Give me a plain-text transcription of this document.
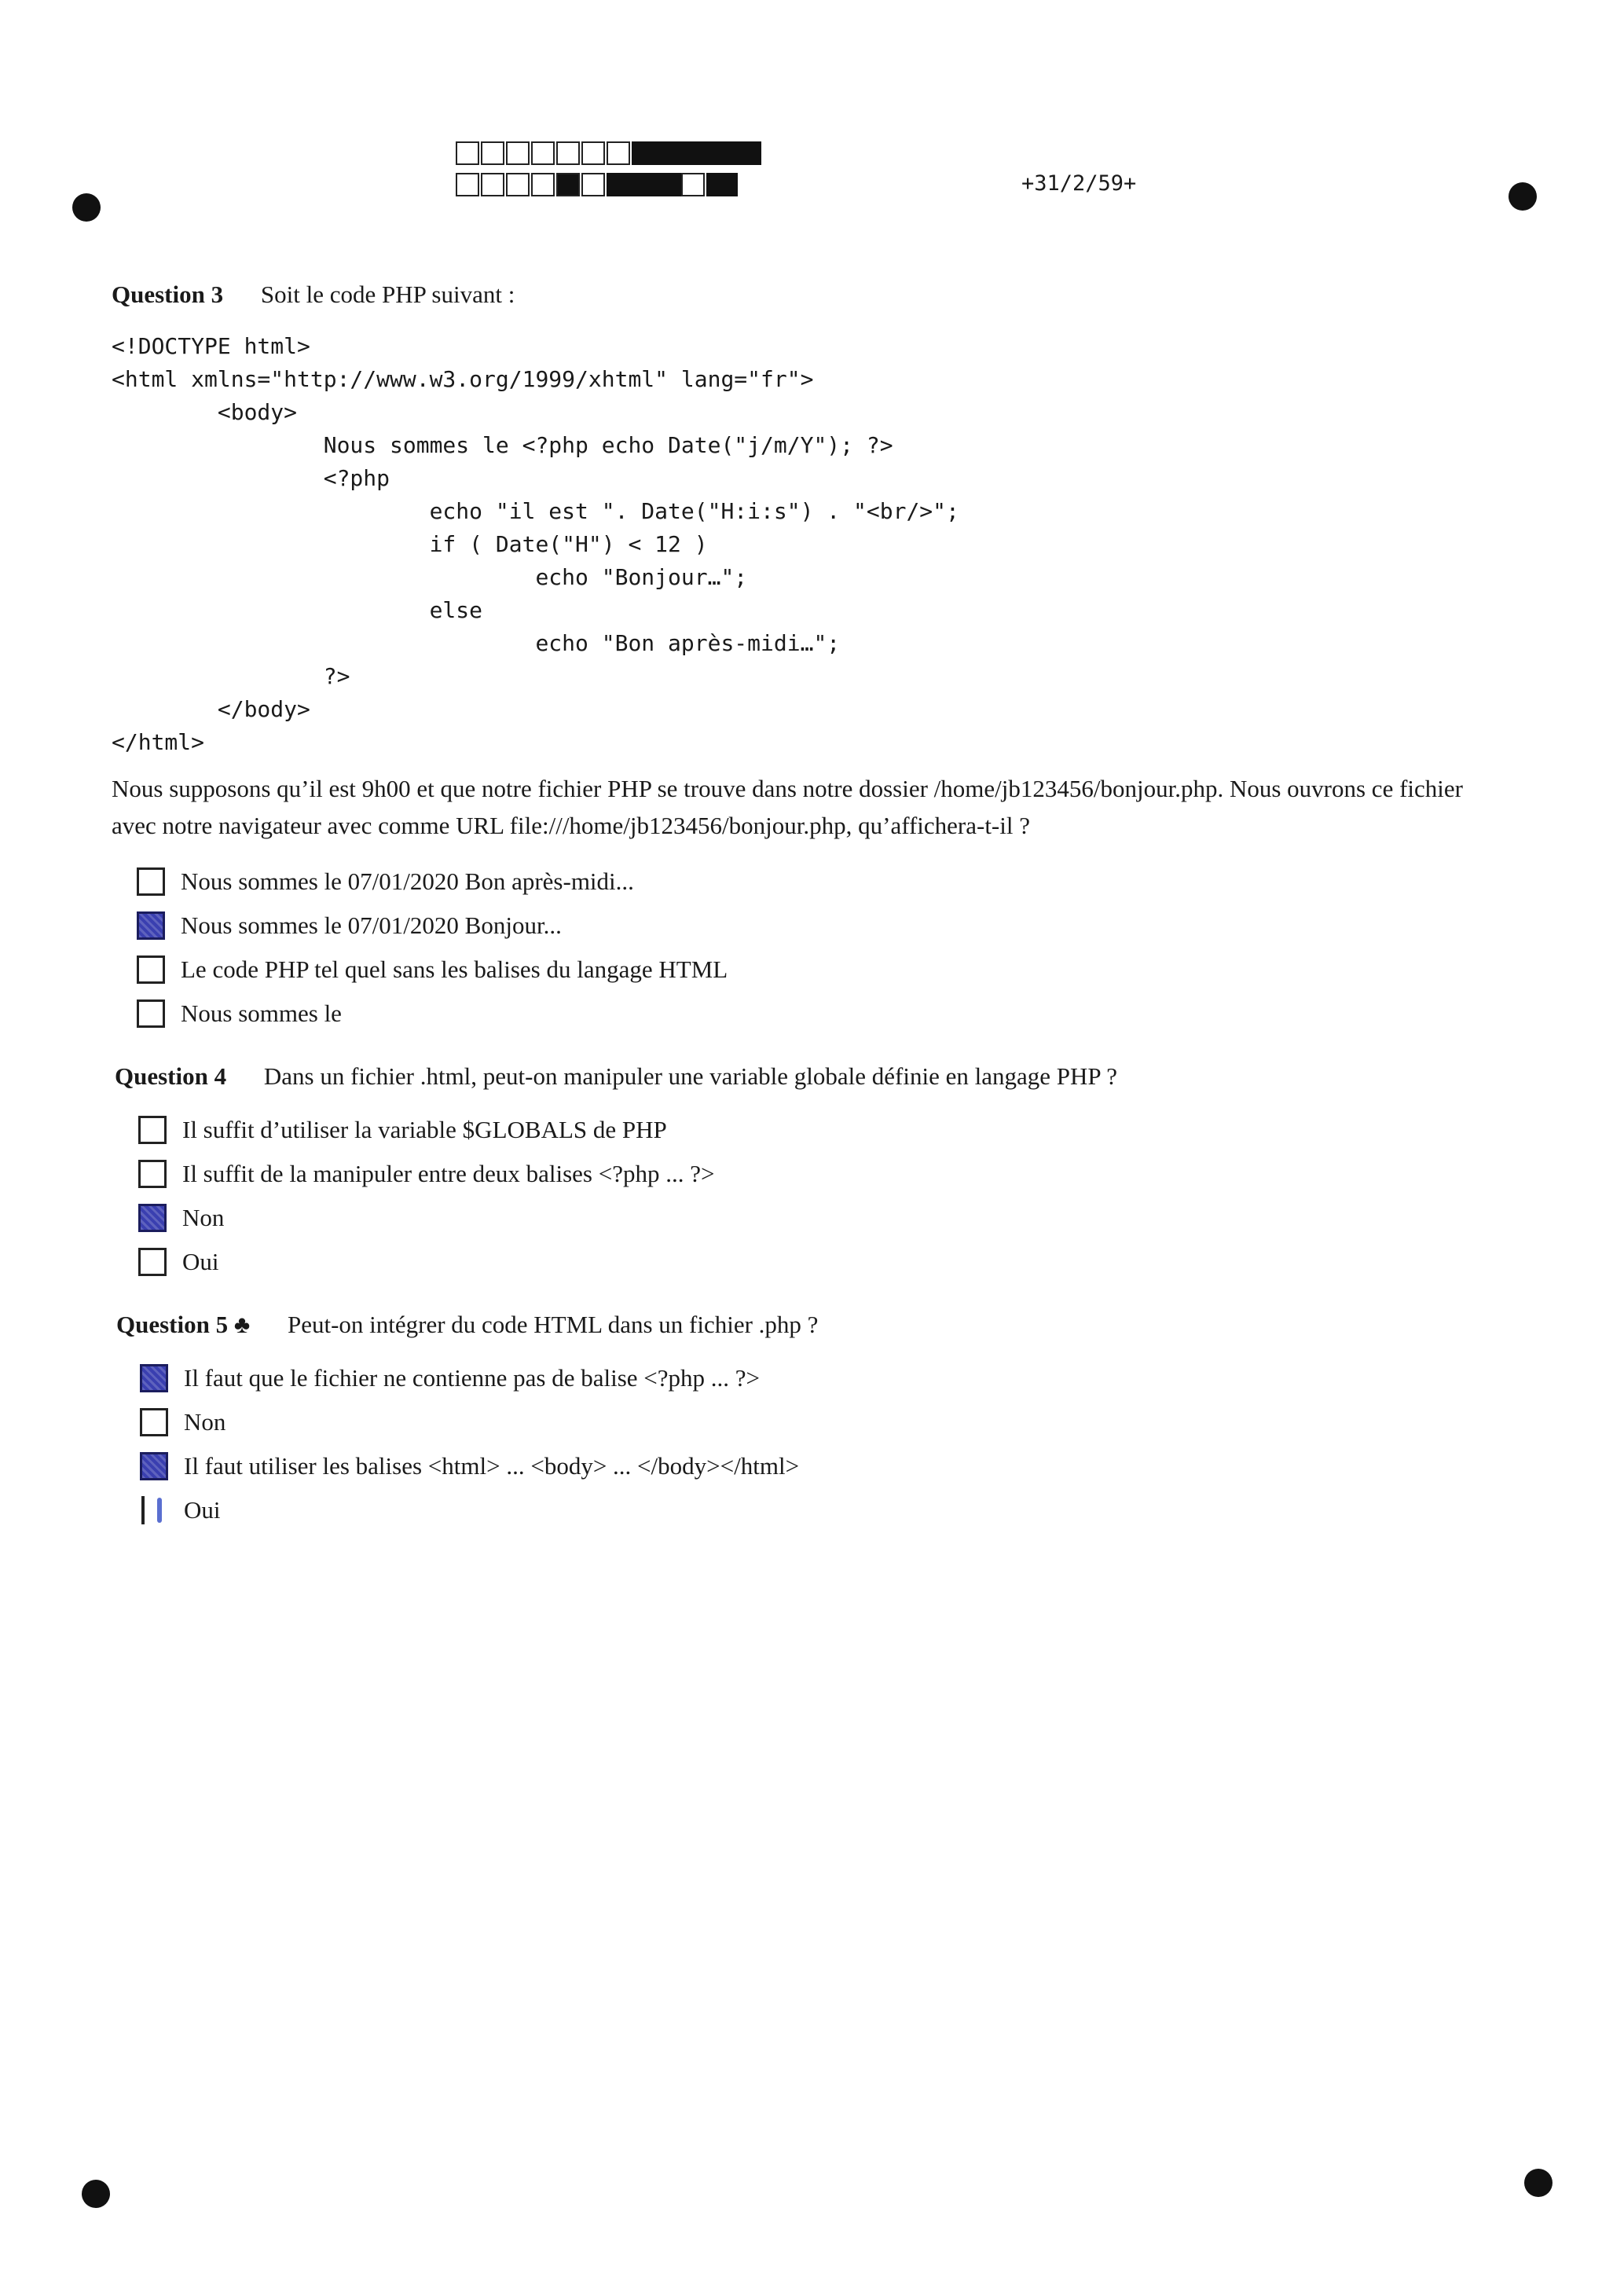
+31/2/59+
Question 3 Soit le code PHP suivant :
<!DOCTYPE html>
<html xmlns="http://www.w3.org/1999/xhtml" lang="fr">
<body>
Nous sommes le <?php echo Date("j/m/Y"); ?>
<?php
echo "il est ". Date("H:i:s") . "<br/>";
if ( Date("H") < 12 )
echo "Bonjour…";
else
echo "Bon après-midi…";
?>
</body>
</html>

Nous supposons qu’il est 9h00 et que notre fichier PHP se trouve dans notre dossier /home/jb123456/bonjour.php. Nous ouvrons ce fichier avec notre navigateur avec comme URL file:///home/jb123456/bonjour.php, qu’affichera-t-il ?

Nous sommes le 07/01/2020 Bon après-midi...
Nous sommes le 07/01/2020 Bonjour...
Le code PHP tel quel sans les balises du langage HTML
Nous sommes le
Question 4 Dans un fichier .html, peut-on manipuler une variable globale définie en langage PHP ?
Il suffit d’utiliser la variable $GLOBALS de PHP
Il suffit de la manipuler entre deux balises <?php ... ?>
Non
Oui
Question 5 ♣ Peut-on intégrer du code HTML dans un fichier .php ?
Il faut que le fichier ne contienne pas de balise <?php ... ?>
Non
Il faut utiliser les balises <html> ... <body> ... </body></html>
Oui
